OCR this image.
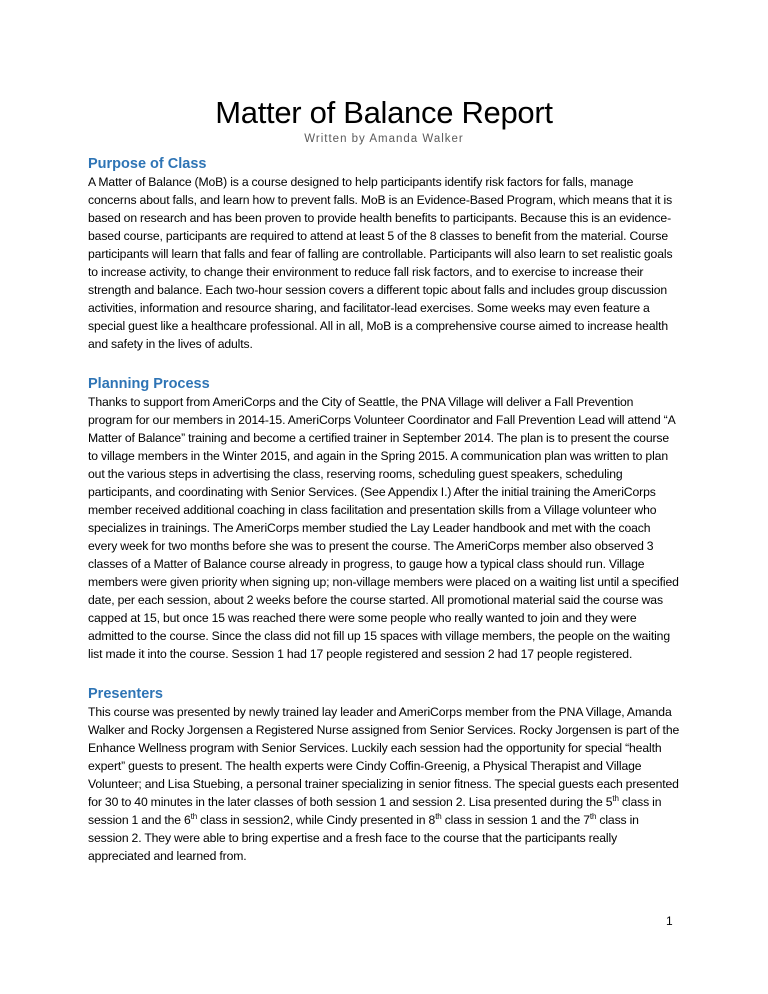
Matter of Balance Report

Written by Amanda Walker

Purpose of Class

A Matter of Balance (MoB) is a course designed to help participants identify risk factors for falls, manage concerns about falls, and learn how to prevent falls. MoB is an Evidence-Based Program, which means that it is based on research and has been proven to provide health benefits to participants. Because this is an evidence-based course, participants are required to attend at least 5 of the 8 classes to benefit from the material. Course participants will learn that falls and fear of falling are controllable. Participants will also learn to set realistic goals to increase activity, to change their environment to reduce fall risk factors, and to exercise to increase their strength and balance. Each two-hour session covers a different topic about falls and includes group discussion activities, information and resource sharing, and facilitator-lead exercises. Some weeks may even feature a special guest like a healthcare professional. All in all, MoB is a comprehensive course aimed to increase health and safety in the lives of adults.

Planning Process

Thanks to support from AmeriCorps and the City of Seattle, the PNA Village will deliver a Fall Prevention program for our members in 2014-15. AmeriCorps Volunteer Coordinator and Fall Prevention Lead will attend “A Matter of Balance” training and become a certified trainer in September 2014. The plan is to present the course to village members in the Winter 2015, and again in the Spring 2015. A communication plan was written to plan out the various steps in advertising the class, reserving rooms, scheduling guest speakers, scheduling participants, and coordinating with Senior Services. (See Appendix I.) After the initial training the AmeriCorps member received additional coaching in class facilitation and presentation skills from a Village volunteer who specializes in trainings. The AmeriCorps member studied the Lay Leader handbook and met with the coach every week for two months before she was to present the course. The AmeriCorps member also observed 3 classes of a Matter of Balance course already in progress, to gauge how a typical class should run. Village members were given priority when signing up; non-village members were placed on a waiting list until a specified date, per each session, about 2 weeks before the course started. All promotional material said the course was capped at 15, but once 15 was reached there were some people who really wanted to join and they were admitted to the course. Since the class did not fill up 15 spaces with village members, the people on the waiting list made it into the course. Session 1 had 17 people registered and session 2 had 17 people registered.

Presenters

This course was presented by newly trained lay leader and AmeriCorps member from the PNA Village, Amanda Walker and Rocky Jorgensen a Registered Nurse assigned from Senior Services. Rocky Jorgensen is part of the Enhance Wellness program with Senior Services. Luckily each session had the opportunity for special “health expert” guests to present. The health experts were Cindy Coffin-Greenig, a Physical Therapist and Village Volunteer; and Lisa Stuebing, a personal trainer specializing in senior fitness. The special guests each presented for 30 to 40 minutes in the later classes of both session 1 and session 2. Lisa presented during the 5th class in session 1 and the 6th class in session2, while Cindy presented in 8th class in session 1 and the 7th class in session 2. They were able to bring expertise and a fresh face to the course that the participants really appreciated and learned from.

1
